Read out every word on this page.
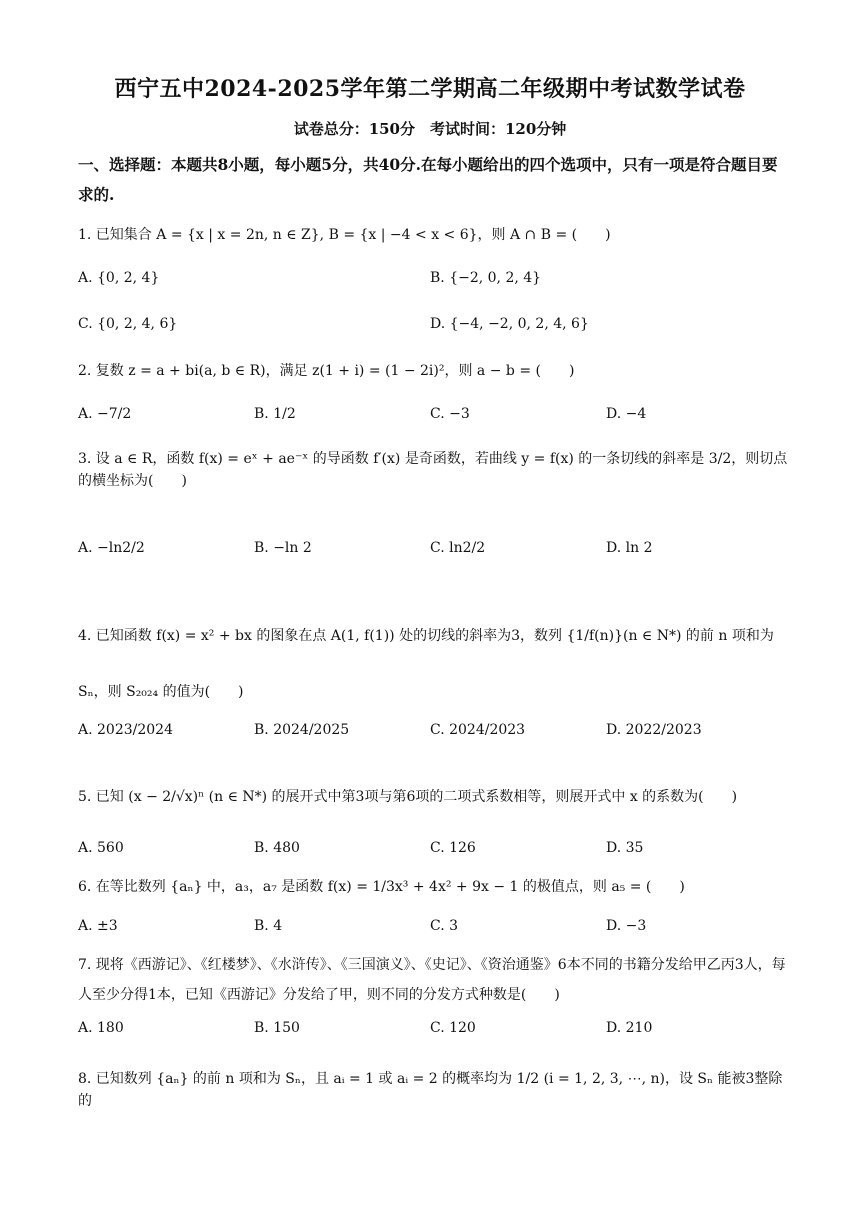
西宁五中2024-2025学年第二学期高二年级期中考试数学试卷
试卷总分：150分　考试时间：120分钟
一、选择题：本题共8小题，每小题5分，共40分.在每小题给出的四个选项中，只有一项是符合题目要求的.
1. 已知集合 A = {x | x = 2n, n ∈ Z}, B = {x | −4 < x < 6}，则 A ∩ B = (　　)
A. {0, 2, 4}	B. {−2, 0, 2, 4}
C. {0, 2, 4, 6}	D. {−4, −2, 0, 2, 4, 6}
2. 复数 z = a + bi(a, b ∈ R)，满足 z(1 + i) = (1 − 2i)²，则 a − b = (　　)
A. −7/2	B. 1/2	C. −3	D. −4
3. 设 a ∈ R，函数 f(x) = eˣ + ae⁻ˣ 的导函数 f′(x) 是奇函数，若曲线 y = f(x) 的一条切线的斜率是 3/2，则切点的横坐标为(　　)
A. −ln2/2	B. −ln 2	C. ln2/2	D. ln 2
4. 已知函数 f(x) = x² + bx 的图象在点 A(1, f(1)) 处的切线的斜率为3，数列 {1/f(n)}(n ∈ N*) 的前 n 项和为 Sₙ，则 S₂₀₂₄ 的值为(　　)
A. 2023/2024	B. 2024/2025	C. 2024/2023	D. 2022/2023
5. 已知 (x − 2/√x)ⁿ (n ∈ N*) 的展开式中第3项与第6项的二项式系数相等，则展开式中 x 的系数为(　　)
A. 560	B. 480	C. 126	D. 35
6. 在等比数列 {aₙ} 中，a₃，a₇ 是函数 f(x) = 1/3x³ + 4x² + 9x − 1 的极值点，则 a₅ = (　　)
A. ±3	B. 4	C. 3	D. −3
7. 现将《西游记》、《红楼梦》、《水浒传》、《三国演义》、《史记》、《资治通鉴》6本不同的书籍分发给甲乙丙3人，每人至少分得1本，已知《西游记》分发给了甲，则不同的分发方式种数是(　　)
A. 180	B. 150	C. 120	D. 210
8. 已知数列 {aₙ} 的前 n 项和为 Sₙ，且 aᵢ = 1 或 aᵢ = 2 的概率均为 1/2 (i = 1, 2, 3, ⋯, n)，设 Sₙ 能被3整除的
